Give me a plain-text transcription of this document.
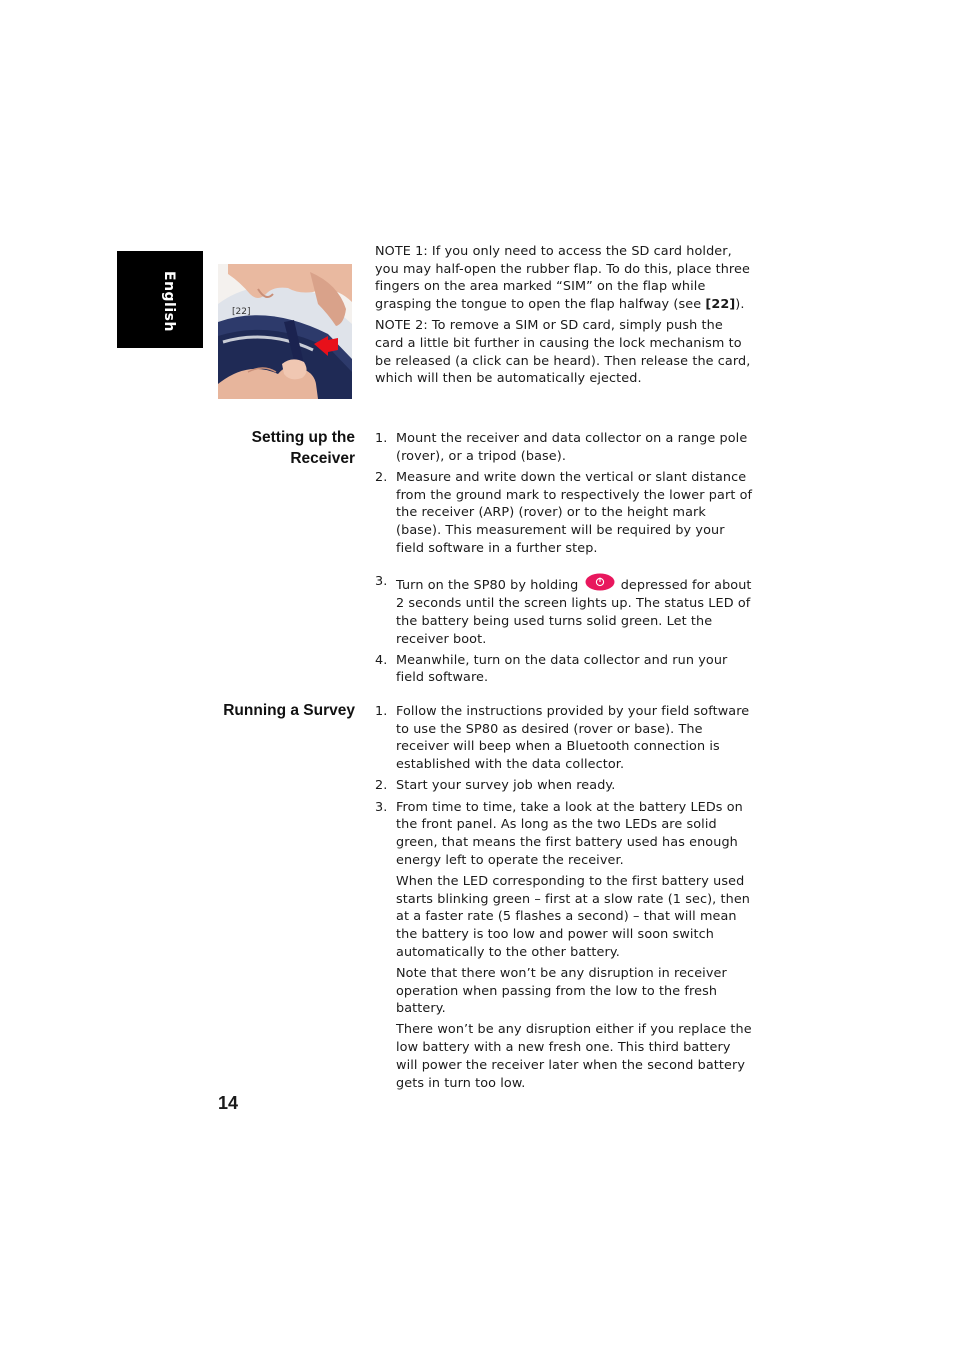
English	[22]

NOTE 1: If you only need to access the SD card holder, you may half-open the rubber flap. To do this, place three fingers on the area marked “SIM” on the flap while grasping the tongue to open the flap halfway (see [22]).

NOTE 2: To remove a SIM or SD card, simply push the card a little bit further in causing the lock mechanism to be released (a click can be heard). Then release the card, which will then be automatically ejected.

Setting up the Receiver
1. Mount the receiver and data collector on a range pole (rover), or a tripod (base).

2. Measure and write down the vertical or slant distance from the ground mark to respectively the lower part of the receiver (ARP) (rover) or to the height mark (base). This measurement will be required by your field software in a further step.

3. Turn on the SP80 by holding	depressed for about 2 seconds until the screen lights up. The status LED of the battery being used turns solid green. Let the receiver boot.

4. Meanwhile, turn on the data collector and run your field software.

Running a Survey 1. Follow the instructions provided by your field software to use the SP80 as desired (rover or base). The receiver will beep when a Bluetooth connection is established with the data collector.

2. Start your survey job when ready.

3. From time to time, take a look at the battery LEDs on the front panel. As long as the two LEDs are solid green, that means the first battery used has enough energy left to operate the receiver.

When the LED corresponding to the first battery used starts blinking green – first at a slow rate (1 sec), then at a faster rate (5 flashes a second) – that will mean the battery is too low and power will soon switch automatically to the other battery.

Note that there won’t be any disruption in receiver operation when passing from the low to the fresh battery.

There won’t be any disruption either if you replace the low battery with a new fresh one. This third battery will power the receiver later when the second battery gets in turn too low.

14
